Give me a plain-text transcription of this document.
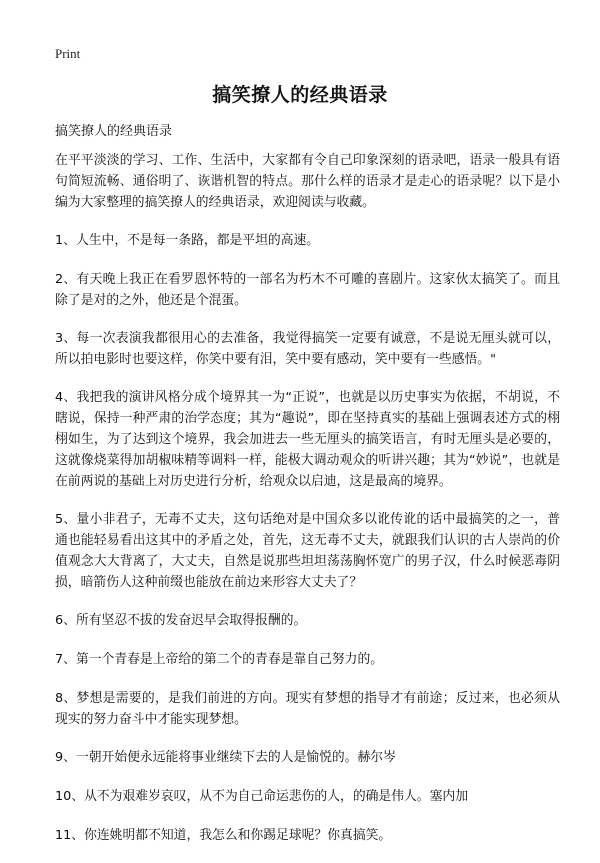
Print
搞笑撩人的经典语录

搞笑撩人的经典语录

在平平淡淡的学习、工作、生活中，大家都有令自己印象深刻的语录吧，语录一般具有语句简短流畅、通俗明了、诙谐机智的特点。那什么样的语录才是走心的语录呢？以下是小编为大家整理的搞笑撩人的经典语录，欢迎阅读与收藏。

1、人生中，不是每一条路，都是平坦的高速。

2、有天晚上我正在看罗恩怀特的一部名为朽木不可雕的喜剧片。这家伙太搞笑了。而且除了是对的之外，他还是个混蛋。

3、每一次表演我都很用心的去准备，我觉得搞笑一定要有诚意，不是说无厘头就可以，所以拍电影时也要这样，你笑中要有泪，笑中要有感动，笑中要有一些感悟。"

4、我把我的演讲风格分成个境界其一为“正说”，也就是以历史事实为依据，不胡说，不瞎说，保持一种严肃的治学态度；其为“趣说”，即在坚持真实的基础上强调表述方式的栩栩如生，为了达到这个境界，我会加进去一些无厘头的搞笑语言，有时无厘头是必要的，这就像烧菜得加胡椒味精等调料一样，能极大调动观众的听讲兴趣；其为“妙说”，也就是在前两说的基础上对历史进行分析，给观众以启迪，这是最高的境界。

5、量小非君子，无毒不丈夫，这句话绝对是中国众多以讹传讹的话中最搞笑的之一，普通也能轻易看出这其中的矛盾之处，首先，这无毒不丈夫，就跟我们认识的古人崇尚的价值观念大大背离了，大丈夫，自然是说那些坦坦荡荡胸怀宽广的男子汉，什么时候恶毒阴损，暗箭伤人这种前缀也能放在前边来形容大丈夫了？

6、所有坚忍不拔的发奋迟早会取得报酬的。

7、第一个青春是上帝给的第二个的青春是靠自己努力的。

8、梦想是需要的，是我们前进的方向。现实有梦想的指导才有前途；反过来，也必须从现实的努力奋斗中才能实现梦想。

9、一朝开始便永远能将事业继续下去的人是愉悦的。赫尔岑

10、从不为艰难岁哀叹，从不为自己命运悲伤的人，的确是伟人。塞内加

11、你连姚明都不知道，我怎么和你踢足球呢？你真搞笑。
